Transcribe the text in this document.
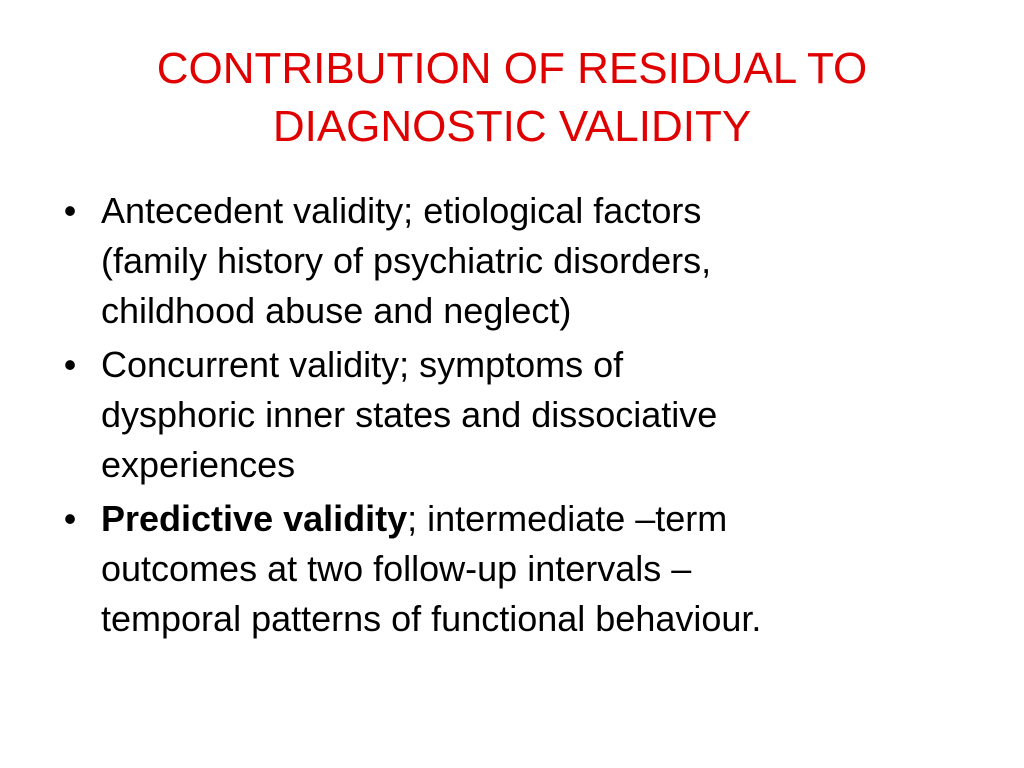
CONTRIBUTION OF RESIDUAL TO
DIAGNOSTIC VALIDITY
• Antecedent validity; etiological factors
(family history of psychiatric disorders,
childhood abuse and neglect)
• Concurrent validity; symptoms of
dysphoric inner states and dissociative
experiences
• Predictive validity; intermediate –term
outcomes at two follow-up intervals –
temporal patterns of functional behaviour.
